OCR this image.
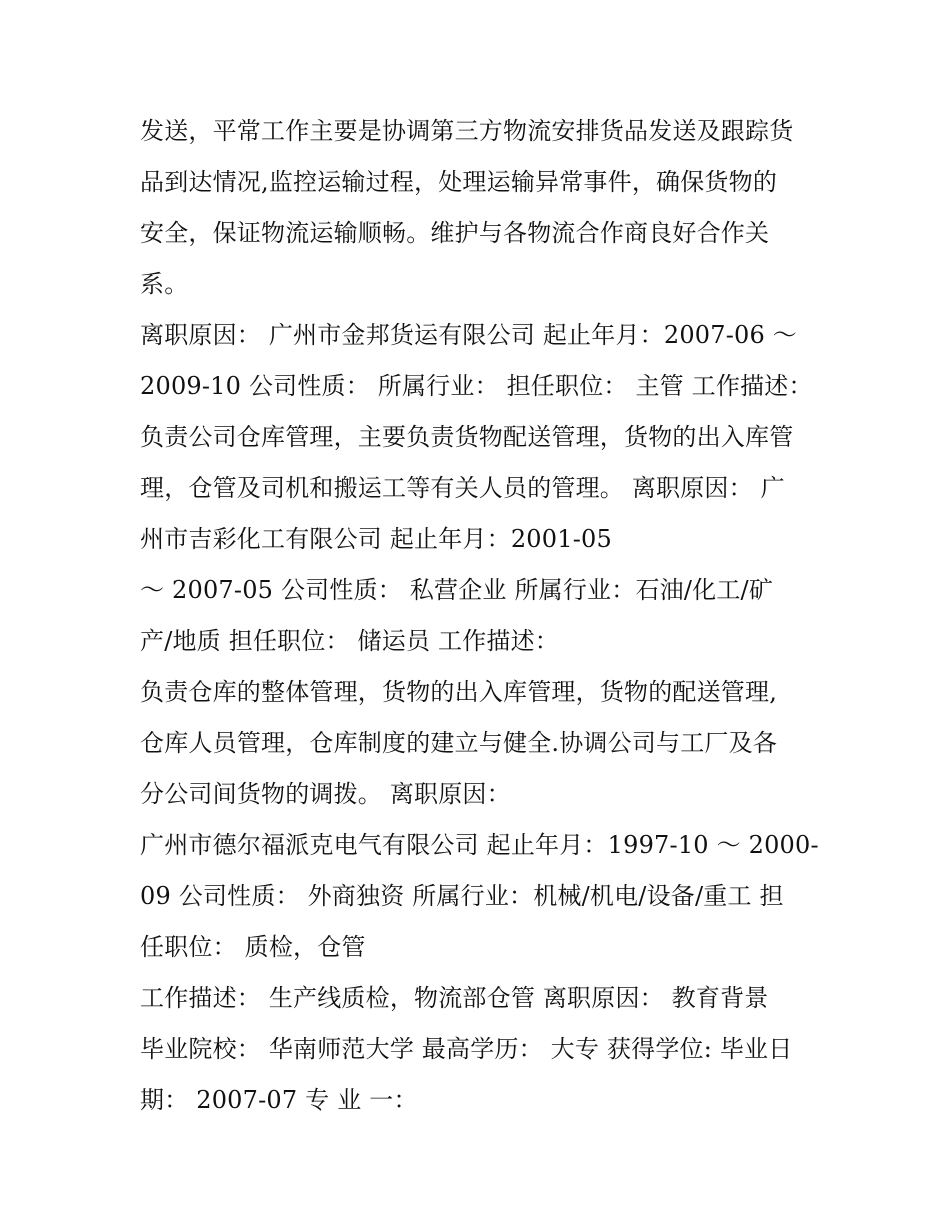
发送，平常工作主要是协调第三方物流安排货品发送及跟踪货
品到达情况,监控运输过程，处理运输异常事件，确保货物的
安全，保证物流运输顺畅。维护与各物流合作商良好合作关
系。
离职原因： 广州市金邦货运有限公司 起止年月：2007-06 ～
2009-10 公司性质： 所属行业： 担任职位： 主管 工作描述：
负责公司仓库管理，主要负责货物配送管理，货物的出入库管
理，仓管及司机和搬运工等有关人员的管理。 离职原因： 广
州市吉彩化工有限公司 起止年月：2001-05
～ 2007-05 公司性质： 私营企业 所属行业：石油/化工/矿
产/地质 担任职位： 储运员 工作描述：
负责仓库的整体管理，货物的出入库管理，货物的配送管理,
仓库人员管理，仓库制度的建立与健全.协调公司与工厂及各
分公司间货物的调拨。 离职原因：
广州市德尔福派克电气有限公司 起止年月：1997-10 ～ 2000-
09 公司性质： 外商独资 所属行业：机械/机电/设备/重工 担
任职位： 质检，仓管
工作描述： 生产线质检，物流部仓管 离职原因： 教育背景
毕业院校： 华南师范大学 最高学历： 大专 获得学位: 毕业日
期： 2007-07 专 业 一：
